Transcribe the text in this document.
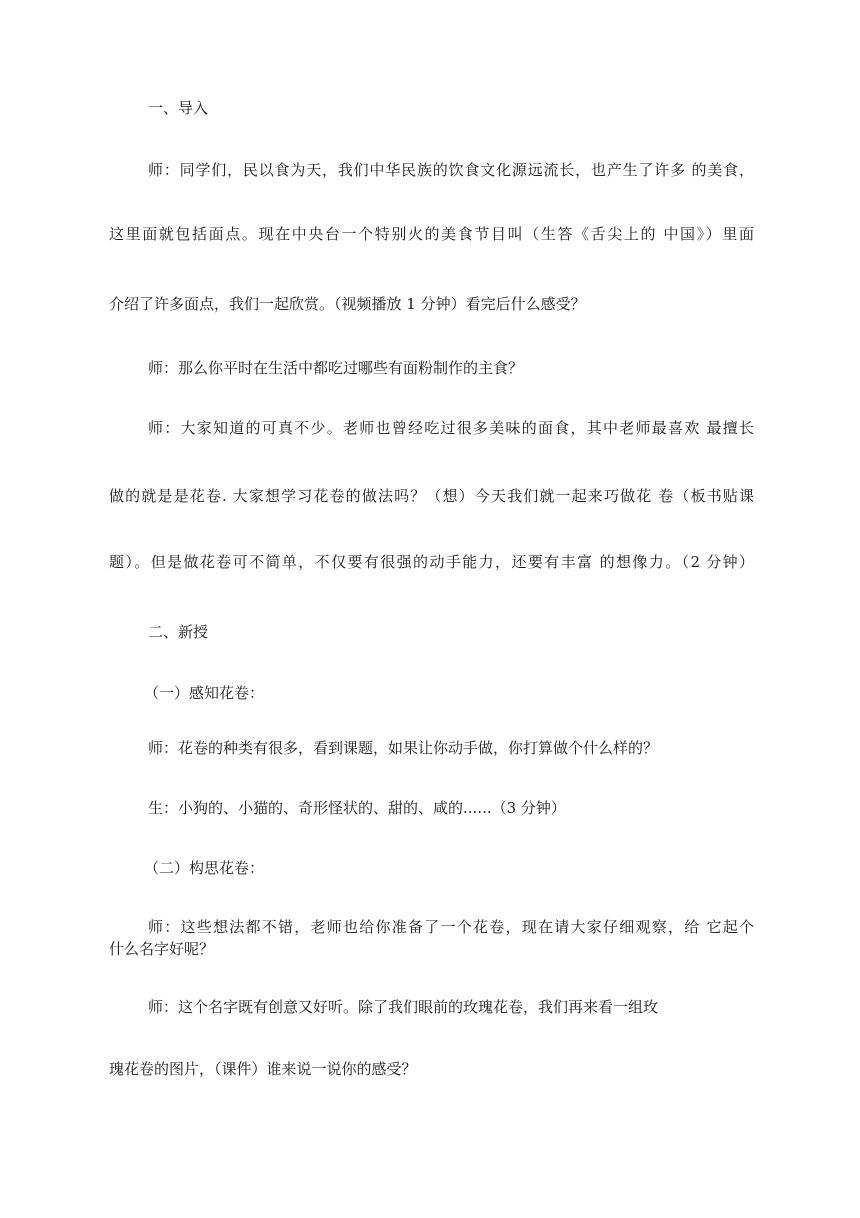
一、导入
师：同学们，民以食为天，我们中华民族的饮食文化源远流长，也产生了许多 的美食，
这里面就包括面点。现在中央台一个特别火的美食节目叫（生答《舌尖上的 中国》）里面
介绍了许多面点，我们一起欣赏。（视频播放 1 分钟）看完后什么感受？
师：那么你平时在生活中都吃过哪些有面粉制作的主食？
师：大家知道的可真不少。老师也曾经吃过很多美味的面食，其中老师最喜欢 最擅长
做的就是是花卷. 大家想学习花卷的做法吗？（想）今天我们就一起来巧做花 卷（板书贴课
题）。但是做花卷可不简单，不仅要有很强的动手能力，还要有丰富 的想像力。（2 分钟）
二、新授
（一）感知花卷：
师：花卷的种类有很多，看到课题，如果让你动手做，你打算做个什么样的？
生：小狗的、小猫的、奇形怪状的、甜的、咸的......（3 分钟）
（二）构思花卷：
师：这些想法都不错，老师也给你准备了一个花卷，现在请大家仔细观察，给 它起个
什么名字好呢？
师：这个名字既有创意又好听。除了我们眼前的玫瑰花卷，我们再来看一组玫
瑰花卷的图片，（课件）谁来说一说你的感受？
